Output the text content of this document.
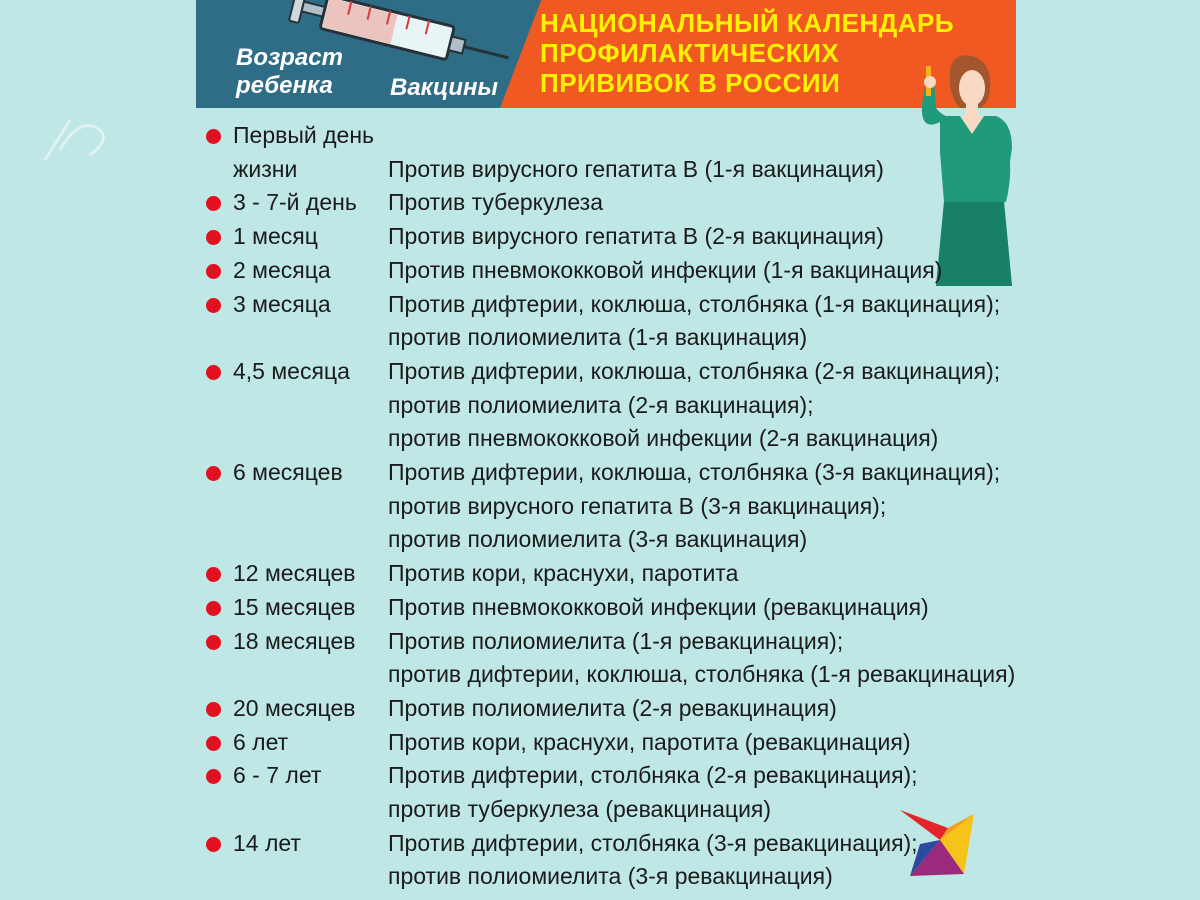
НАЦИОНАЛЬНЫЙ КАЛЕНДАРЬ
ПРОФИЛАКТИЧЕСКИХ
ПРИВИВОК В РОССИИ
Возраст ребенка	Вакцины
Первый день жизни	Против вирусного гепатита В (1-я вакцинация)
3 - 7-й день	Против туберкулеза
1 месяц	Против вирусного гепатита В (2-я вакцинация)
2 месяца	Против пневмококковой инфекции (1-я вакцинация)
3 месяца	Против дифтерии, коклюша, столбняка (1-я вакцинация);
против полиомиелита (1-я вакцинация)
4,5 месяца	Против дифтерии, коклюша, столбняка (2-я вакцинация);
против полиомиелита (2-я вакцинация);
против пневмококковой инфекции (2-я вакцинация)
6 месяцев	Против дифтерии, коклюша, столбняка (3-я вакцинация);
против вирусного гепатита В (3-я вакцинация);
против полиомиелита (3-я вакцинация)
12 месяцев	Против кори, краснухи, паротита
15 месяцев	Против пневмококковой инфекции (ревакцинация)
18 месяцев	Против полиомиелита (1-я ревакцинация);
против дифтерии, коклюша, столбняка (1-я ревакцинация)
20 месяцев	Против полиомиелита (2-я ревакцинация)
6 лет	Против кори, краснухи, паротита (ревакцинация)
6 - 7 лет	Против дифтерии, столбняка (2-я ревакцинация);
против туберкулеза (ревакцинация)
14 лет	Против дифтерии, столбняка (3-я ревакцинация);
против полиомиелита (3-я ревакцинация)
